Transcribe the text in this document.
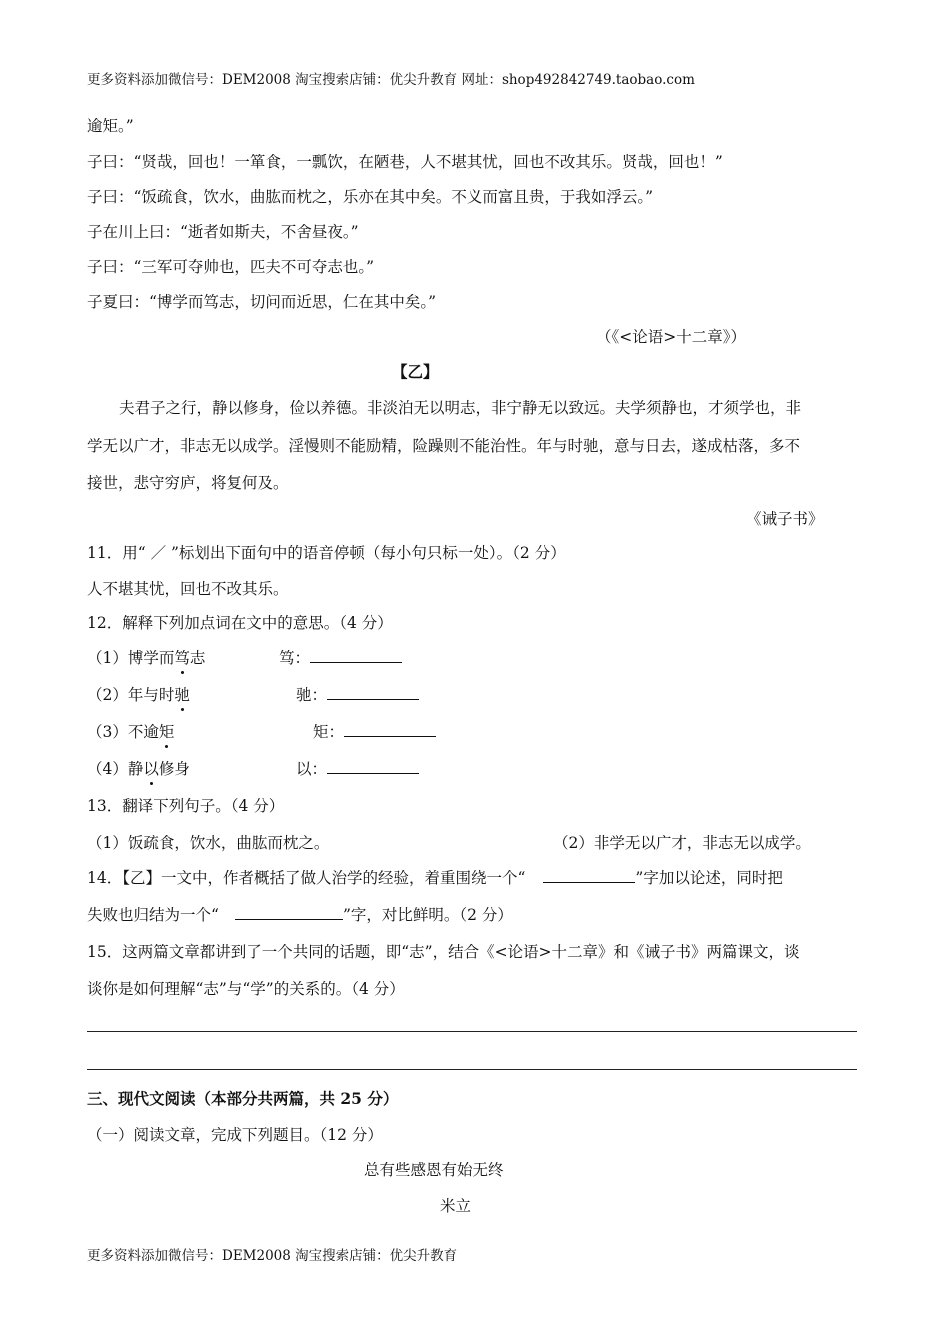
更多资料添加微信号：DEM2008 淘宝搜索店铺：优尖升教育 网址：shop492842749.taobao.com
逾矩。”
子曰：“贤哉，回也！一箪食，一瓢饮，在陋巷，人不堪其忧，回也不改其乐。贤哉，回也！”
子曰：“饭疏食，饮水，曲肱而枕之，乐亦在其中矣。不义而富且贵，于我如浮云。”
子在川上曰：“逝者如斯夫，不舍昼夜。”
子曰：“三军可夺帅也，匹夫不可夺志也。”
子夏曰：“博学而笃志，切问而近思，仁在其中矣。”
（《<论语>十二章》）
【乙】
夫君子之行，静以修身，俭以养德。非淡泊无以明志，非宁静无以致远。夫学须静也，才须学也，非
学无以广才，非志无以成学。淫慢则不能励精，险躁则不能治性。年与时驰，意与日去，遂成枯落，多不
接世，悲守穷庐，将复何及。
《诫子书》
11．用“ ／ ”标划出下面句中的语音停顿（每小句只标一处）。（2 分）
人不堪其忧，回也不改其乐。
12．解释下列加点词在文中的意思。（4 分）
（1）博学而笃志	笃：
（2）年与时驰	驰：
（3）不逾矩	矩：
（4）静以修身	以：
13．翻译下列句子。（4 分）
（1）饭疏食，饮水，曲肱而枕之。	（2）非学无以广才，非志无以成学。
14．【乙】一文中，作者概括了做人治学的经验，着重围绕一个“	”字加以论述，同时把
失败也归结为一个“	”字，对比鲜明。（2 分）
15．这两篇文章都讲到了一个共同的话题，即“志”，结合《<论语>十二章》和《诫子书》两篇课文，谈
谈你是如何理解“志”与“学”的关系的。（4 分）
三、现代文阅读（本部分共两篇，共 25 分）
（一）阅读文章，完成下列题目。（12 分）
总有些感恩有始无终
米立
更多资料添加微信号：DEM2008 淘宝搜索店铺：优尖升教育
